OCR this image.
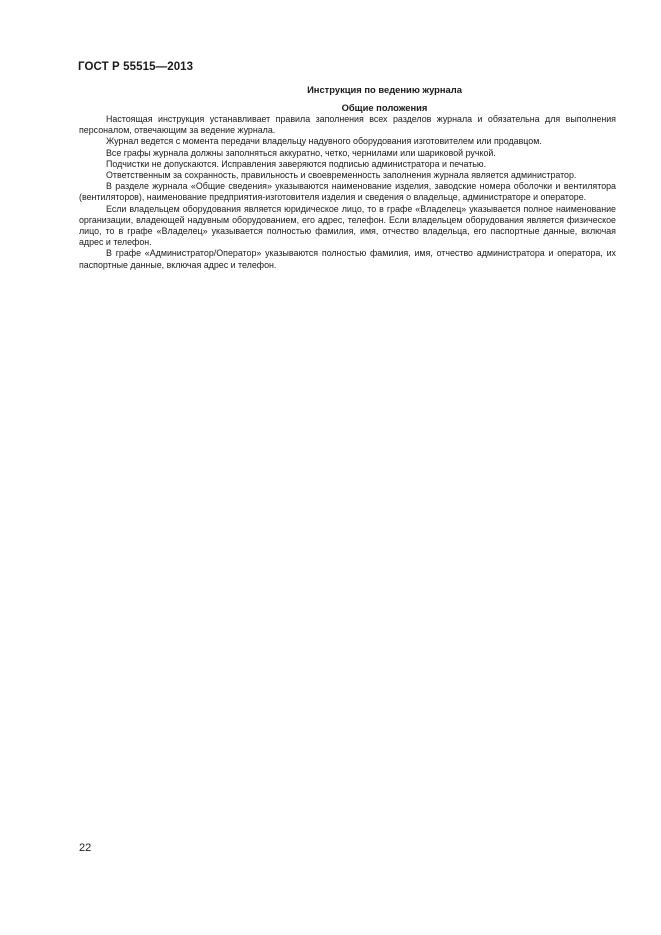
ГОСТ Р 55515—2013

Инструкция по ведению журнала

Общие положения

Настоящая инструкция устанавливает правила заполнения всех разделов журнала и обязательна для выполнения персоналом, отвечающим за ведение журнала.

Журнал ведется с момента передачи владельцу надувного оборудования изготовителем или продавцом.

Все графы журнала должны заполняться аккуратно, четко, чернилами или шариковой ручкой.

Подчистки не допускаются. Исправления заверяются подписью администратора и печатью.

Ответственным за сохранность, правильность и своевременность заполнения журнала является администратор.

В разделе журнала «Общие сведения» указываются наименование изделия, заводские номера оболочки и вентилятора (вентиляторов), наименование предприятия-изготовителя изделия и сведения о владельце, администраторе и операторе.

Если владельцем оборудования является юридическое лицо, то в графе «Владелец» указывается полное наименование организации, владеющей надувным оборудованием, его адрес, телефон. Если владельцем оборудования является физическое лицо, то в графе «Владелец» указывается полностью фамилия, имя, отчество владельца, его паспортные данные, включая адрес и телефон.

В графе «Администратор/Оператор» указываются полностью фамилия, имя, отчество администратора и оператора, их паспортные данные, включая адрес и телефон.

22
